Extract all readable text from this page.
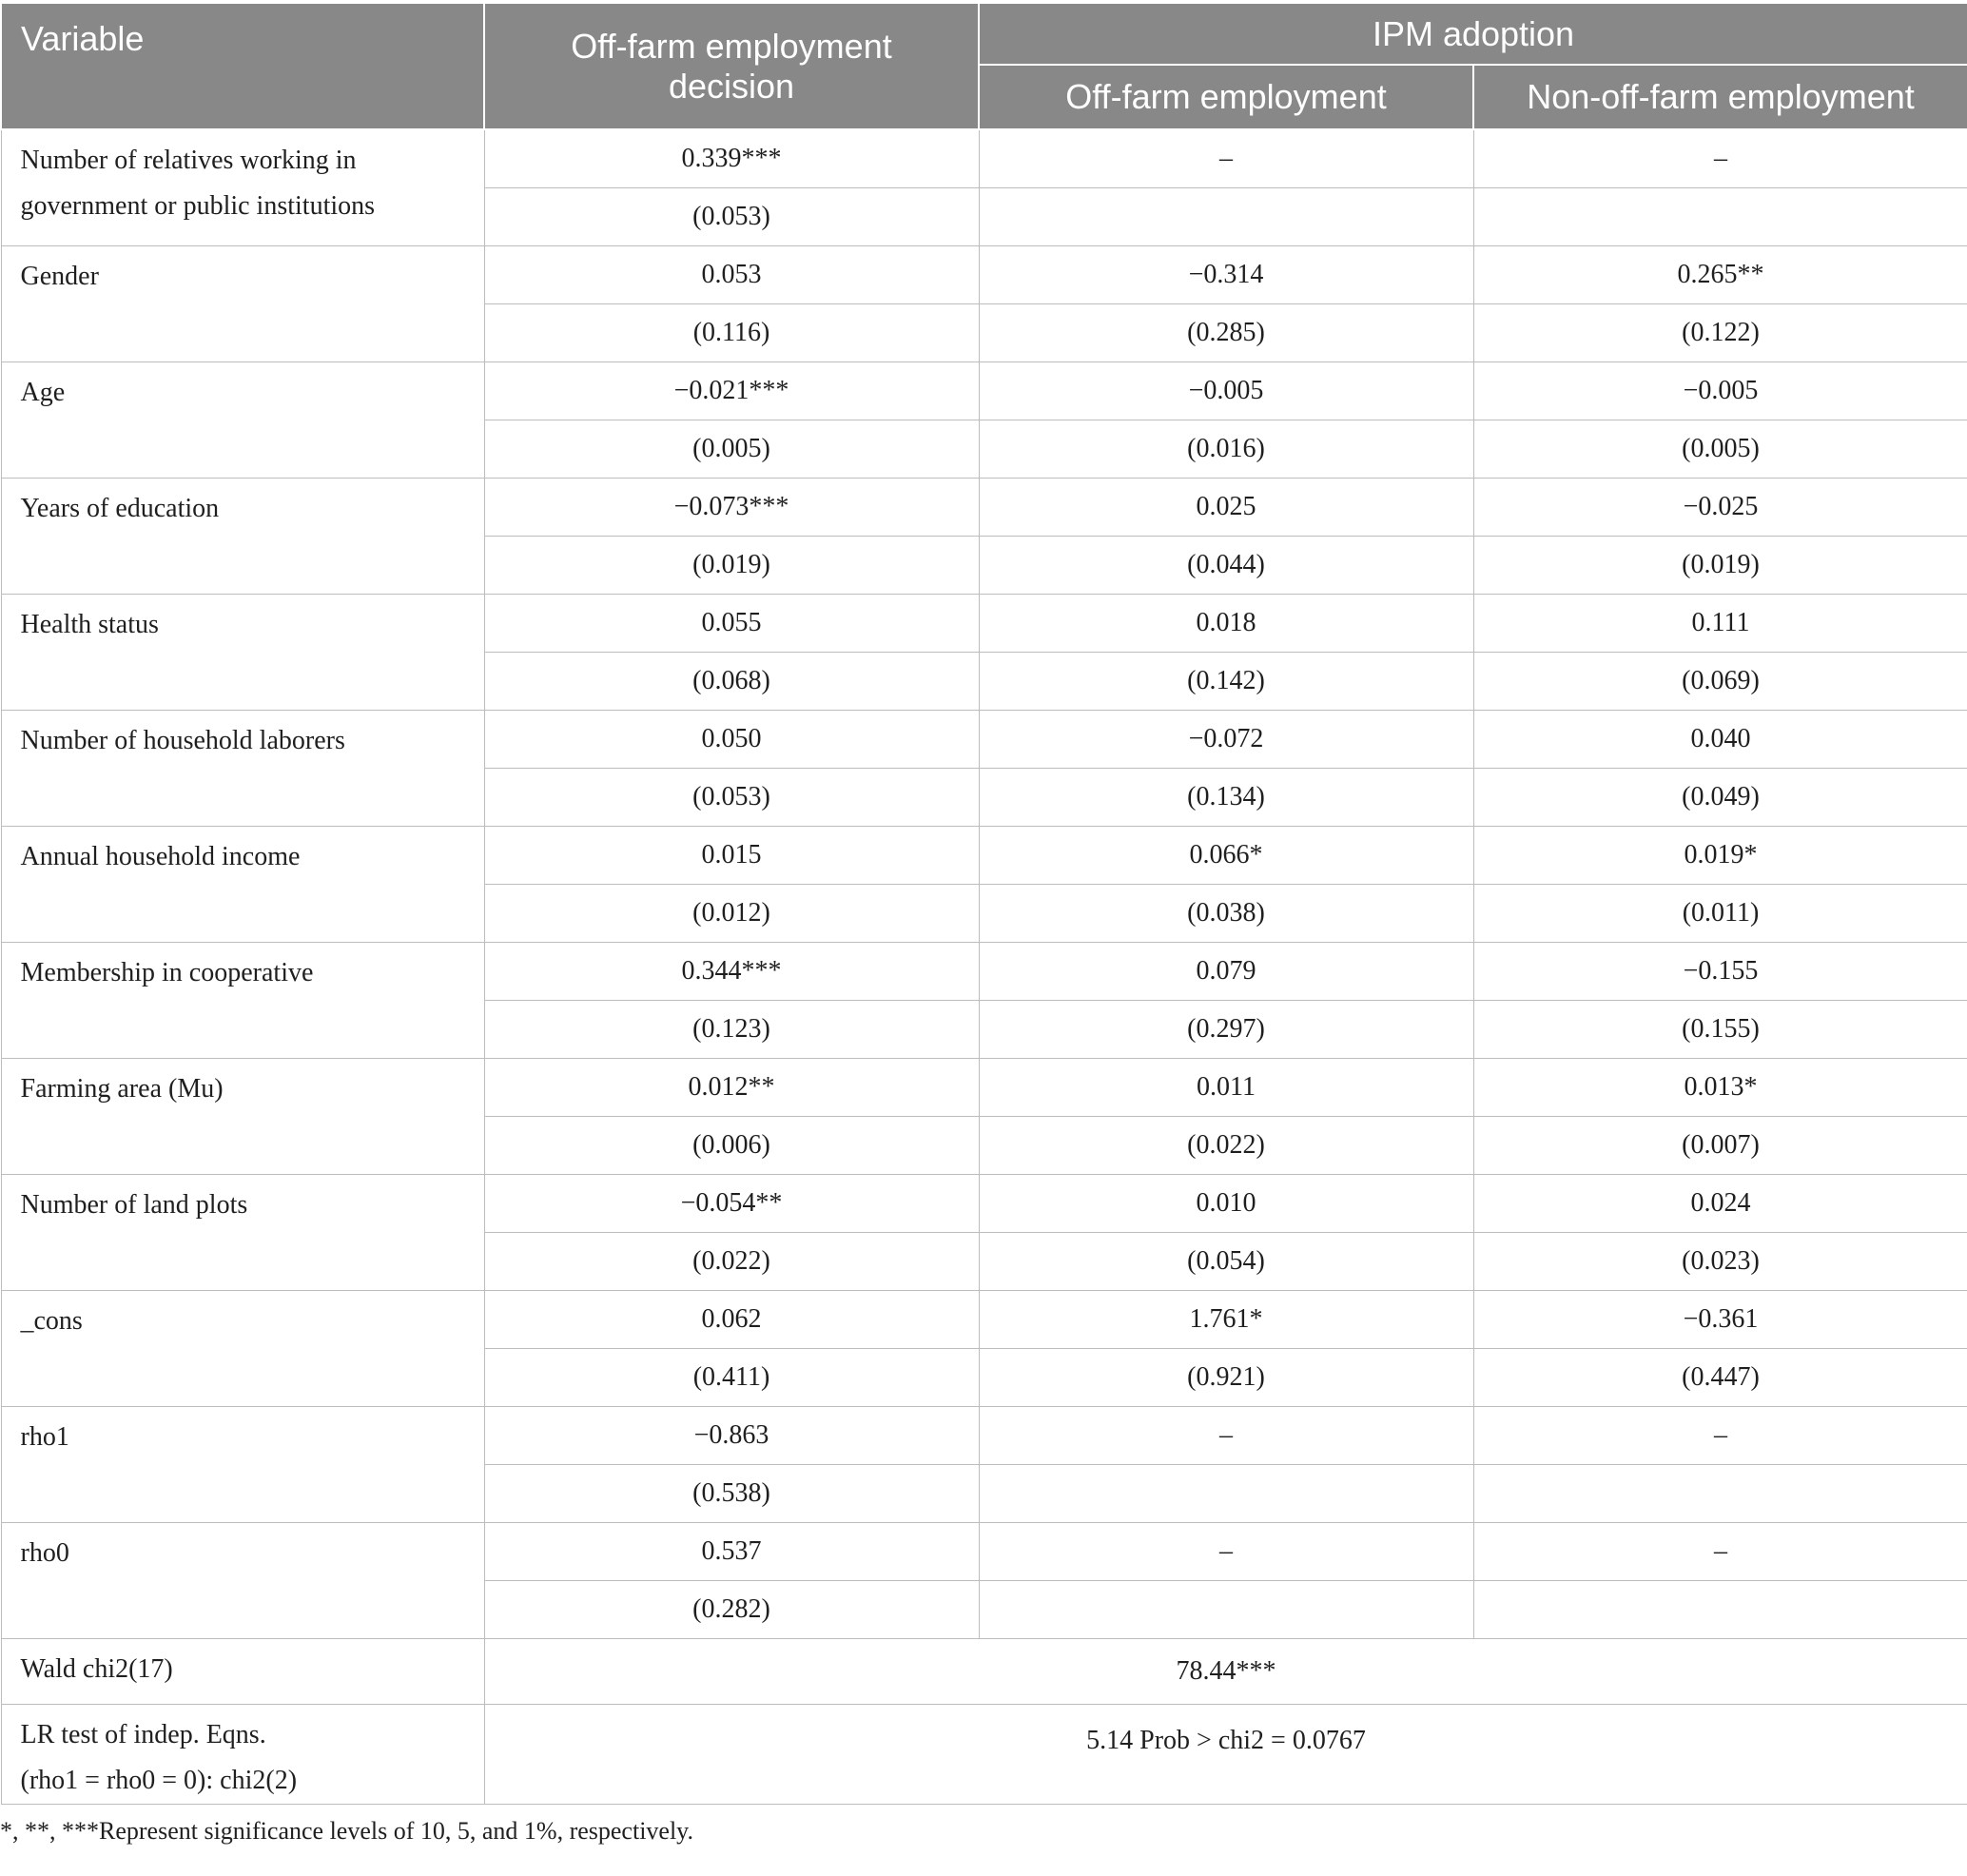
Variable	Off-farm employment decision	IPM adoption	
		Off-farm employment	Non-off-farm employment
Number of relatives working in government or public institutions	0.339***	–	–
	(0.053)		
Gender	0.053	−0.314	0.265**
	(0.116)	(0.285)	(0.122)
Age	−0.021***	−0.005	−0.005
	(0.005)	(0.016)	(0.005)
Years of education	−0.073***	0.025	−0.025
	(0.019)	(0.044)	(0.019)
Health status	0.055	0.018	0.111
	(0.068)	(0.142)	(0.069)
Number of household laborers	0.050	−0.072	0.040
	(0.053)	(0.134)	(0.049)
Annual household income	0.015	0.066*	0.019*
	(0.012)	(0.038)	(0.011)
Membership in cooperative	0.344***	0.079	−0.155
	(0.123)	(0.297)	(0.155)
Farming area (Mu)	0.012**	0.011	0.013*
	(0.006)	(0.022)	(0.007)
Number of land plots	−0.054**	0.010	0.024
	(0.022)	(0.054)	(0.023)
_cons	0.062	1.761*	−0.361
	(0.411)	(0.921)	(0.447)
rho1	−0.863	–	–
	(0.538)		
rho0	0.537	–	–
	(0.282)		
Wald chi2(17)	78.44***		

LR test of indep. Eqns.
(rho1 = rho0 = 0): chi2(2)	5.14 Prob > chi2 = 0.0767		
*, **, ***Represent significance levels of 10, 5, and 1%, respectively.
